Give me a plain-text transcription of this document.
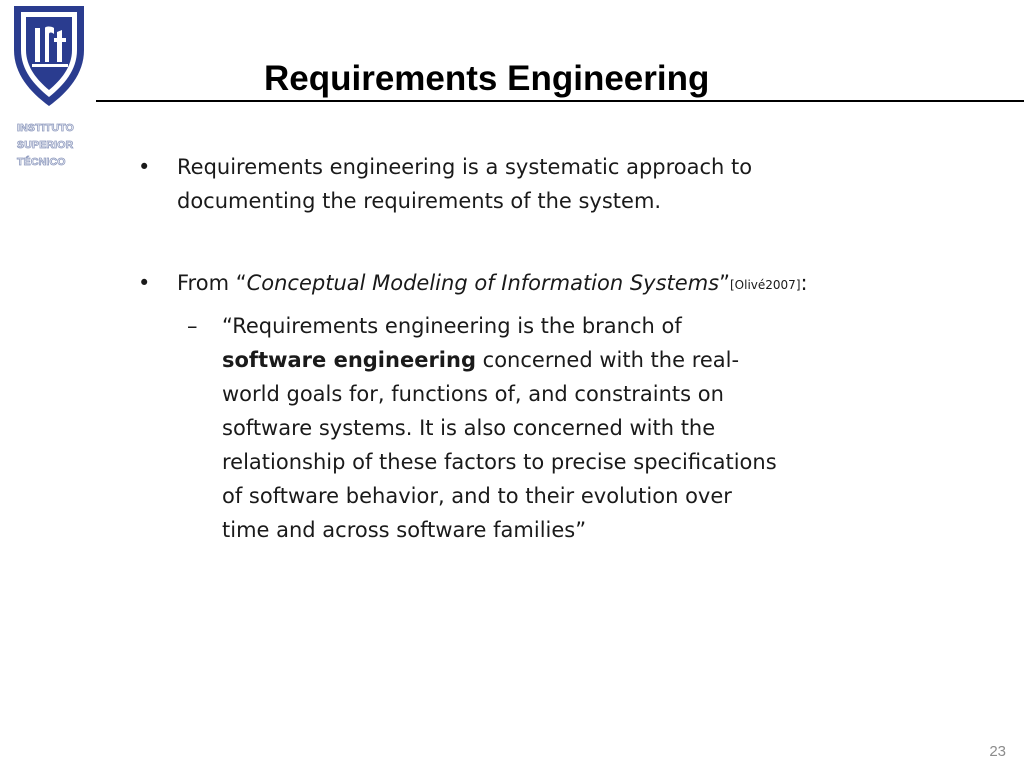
INSTITUTO
SUPERIOR
TÉCNICO
Requirements Engineering
• Requirements engineering is a systematic approach to documenting the requirements of the system.
• From “Conceptual Modeling of Information Systems”[Olivé2007]:
– “Requirements engineering is the branch of software engineering concerned with the real-world goals for, functions of, and constraints on software systems. It is also concerned with the relationship of these factors to precise specifications of software behavior, and to their evolution over time and across software families”
23
